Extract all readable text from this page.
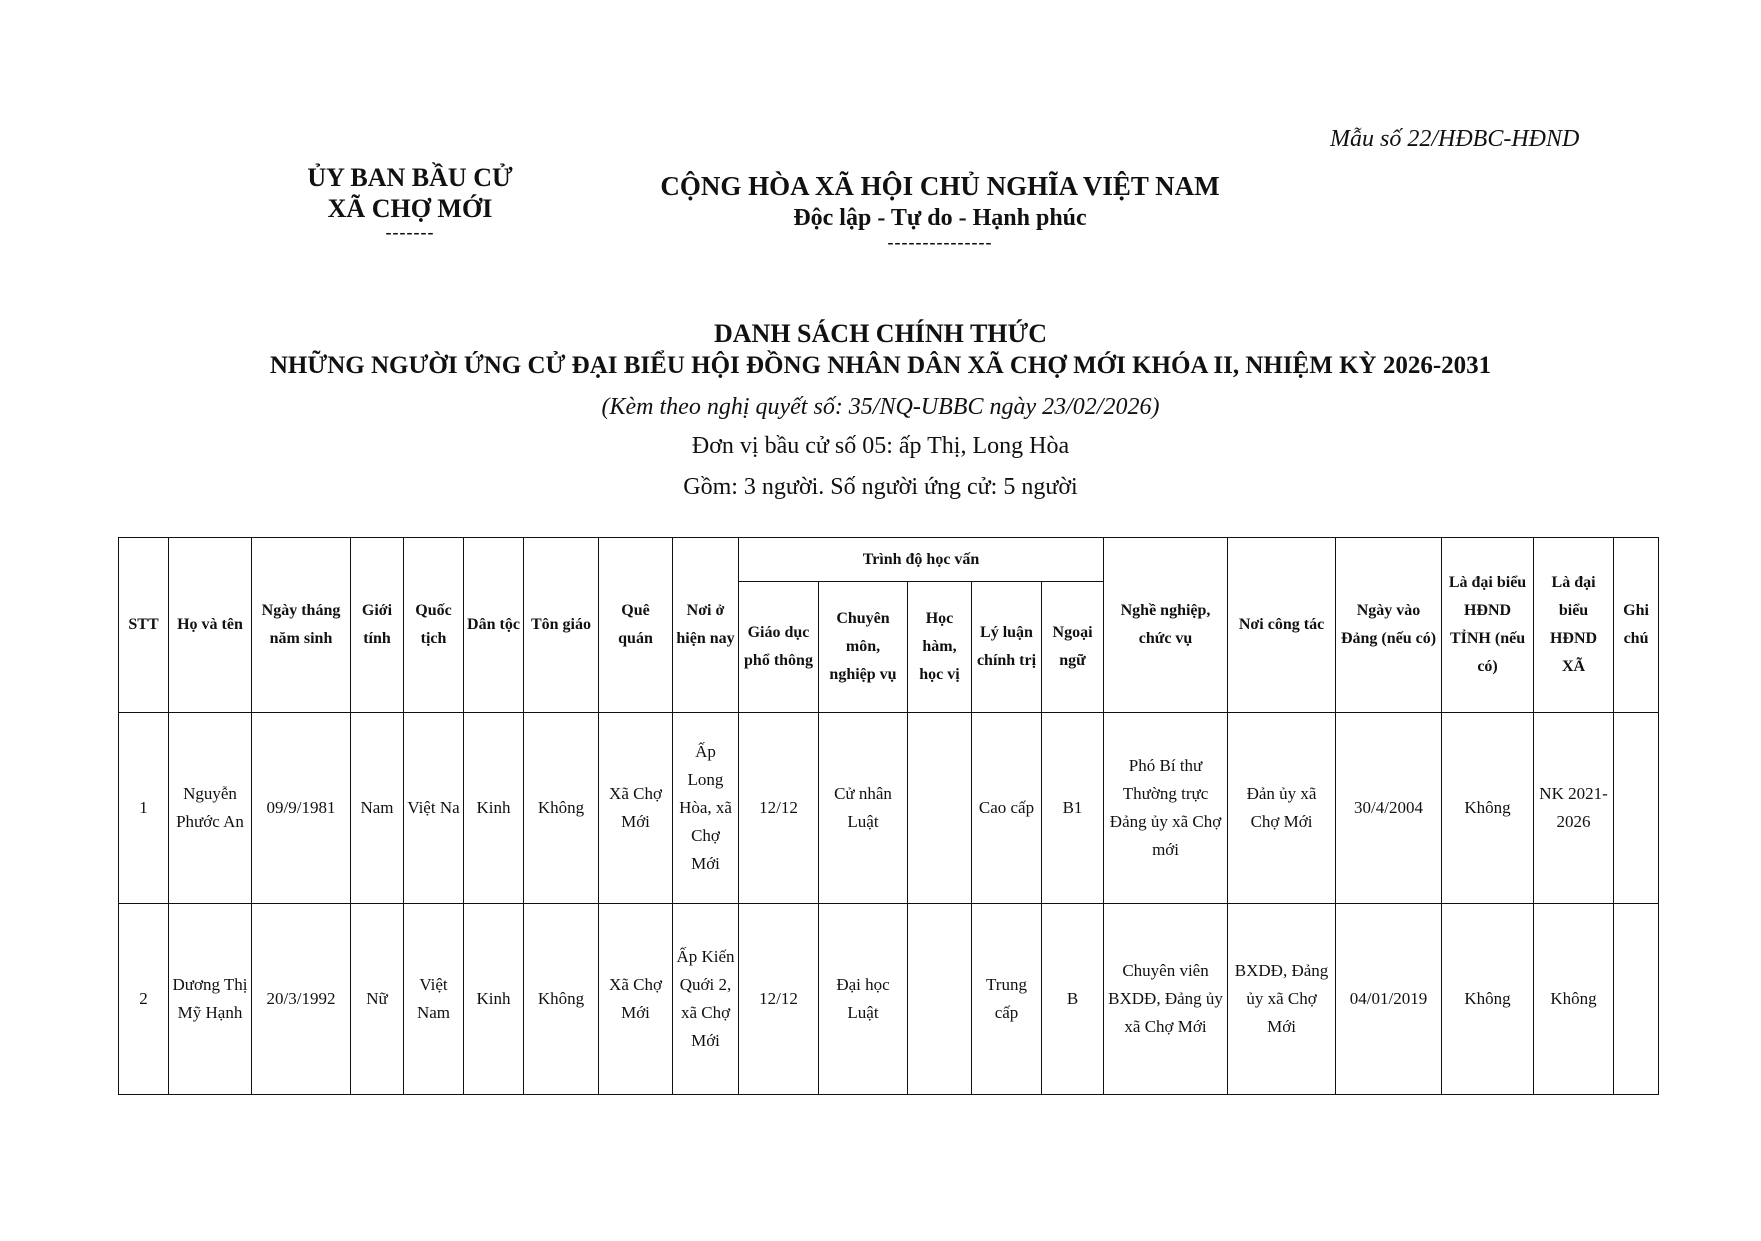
Mẫu số 22/HĐBC-HĐND
ỦY BAN BẦU CỬ
XÃ CHỢ MỚI
-------
CỘNG HÒA XÃ HỘI CHỦ NGHĨA VIỆT NAM
Độc lập - Tự do - Hạnh phúc
---------------
DANH SÁCH CHÍNH THỨC
NHỮNG NGƯỜI ỨNG CỬ ĐẠI BIỂU HỘI ĐỒNG NHÂN DÂN XÃ CHỢ MỚI KHÓA II, NHIỆM KỲ 2026-2031
(Kèm theo nghị quyết số: 35/NQ-UBBC ngày 23/02/2026)
Đơn vị bầu cử số 05: ấp Thị, Long Hòa
Gồm: 3 người. Số người ứng cử: 5 người
STT	Họ và tên	Ngày tháng năm sinh	Giới tính	Quốc tịch	Dân tộc	Tôn giáo	Quê quán	Nơi ở hiện nay	Trình độ học vấn					Nghề nghiệp, chức vụ	Nơi công tác	Ngày vào Đảng (nếu có)	Là đại biểu HĐND TỈNH (nếu có)	Là đại biểu HĐND XÃ	Ghi chú
									Giáo dục phổ thông	Chuyên môn, nghiệp vụ	Học hàm, học vị	Lý luận chính trị	Ngoại ngữ						
1	Nguyễn Phước An	09/9/1981	Nam	Việt Na	Kinh	Không	Xã Chợ Mới	Ấp Long Hòa, xã Chợ Mới	12/12	Cử nhân Luật		Cao cấp	B1	Phó Bí thư Thường trực Đảng ủy xã Chợ mới	Đản ủy xã Chợ Mới	30/4/2004	Không	NK 2021-2026	
2	Dương Thị Mỹ Hạnh	20/3/1992	Nữ	Việt Nam	Kinh	Không	Xã Chợ Mới	Ấp Kiến Quới 2, xã Chợ Mới	12/12	Đại học Luật		Trung cấp	B	Chuyên viên BXDĐ, Đảng ủy xã Chợ Mới	BXDĐ, Đảng ủy xã Chợ Mới	04/01/2019	Không	Không	
